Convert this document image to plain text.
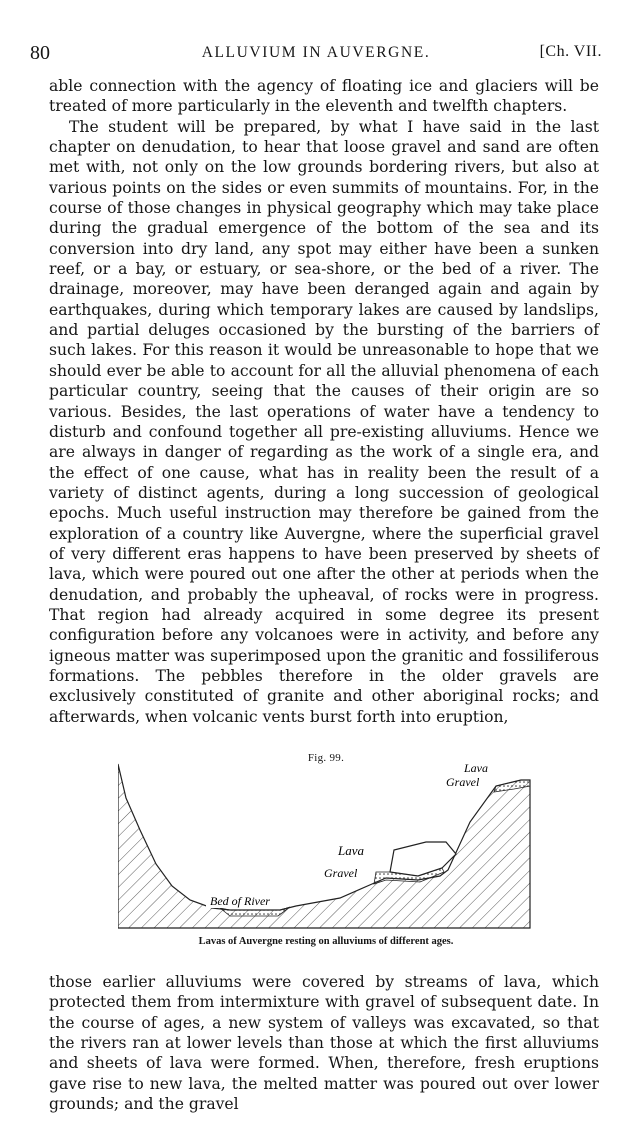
80	ALLUVIUM IN AUVERGNE.	[Ch. VII.

able connection with the agency of floating ice and glaciers will be treated of more particularly in the eleventh and twelfth chapters.

The student will be prepared, by what I have said in the last chapter on denudation, to hear that loose gravel and sand are often met with, not only on the low grounds bordering rivers, but also at various points on the sides or even summits of mountains. For, in the course of those changes in physical geography which may take place during the gradual emergence of the bottom of the sea and its conversion into dry land, any spot may either have been a sunken reef, or a bay, or estuary, or sea-shore, or the bed of a river. The drainage, moreover, may have been deranged again and again by earthquakes, during which temporary lakes are caused by landslips, and partial deluges occasioned by the bursting of the barriers of such lakes. For this reason it would be unreasonable to hope that we should ever be able to account for all the alluvial phenomena of each particular country, seeing that the causes of their origin are so various. Besides, the last operations of water have a tendency to disturb and confound together all pre-existing alluviums. Hence we are always in danger of regarding as the work of a single era, and the effect of one cause, what has in reality been the result of a variety of distinct agents, during a long succession of geological epochs. Much useful instruction may therefore be gained from the exploration of a country like Auvergne, where the superficial gravel of very different eras happens to have been preserved by sheets of lava, which were poured out one after the other at periods when the denudation, and probably the upheaval, of rocks were in progress. That region had already acquired in some degree its present configuration before any volcanoes were in activity, and before any igneous matter was superimposed upon the granitic and fossiliferous formations. The pebbles therefore in the older gravels are exclusively constituted of granite and other aboriginal rocks; and afterwards, when volcanic vents burst forth into eruption,

Fig. 99.
Lava
Gravel
Lava
Gravel
Bed of River
Lavas of Auvergne resting on alluviums of different ages.

those earlier alluviums were covered by streams of lava, which protected them from intermixture with gravel of subsequent date. In the course of ages, a new system of valleys was excavated, so that the rivers ran at lower levels than those at which the first alluviums and sheets of lava were formed. When, therefore, fresh eruptions gave rise to new lava, the melted matter was poured out over lower grounds; and the gravel
